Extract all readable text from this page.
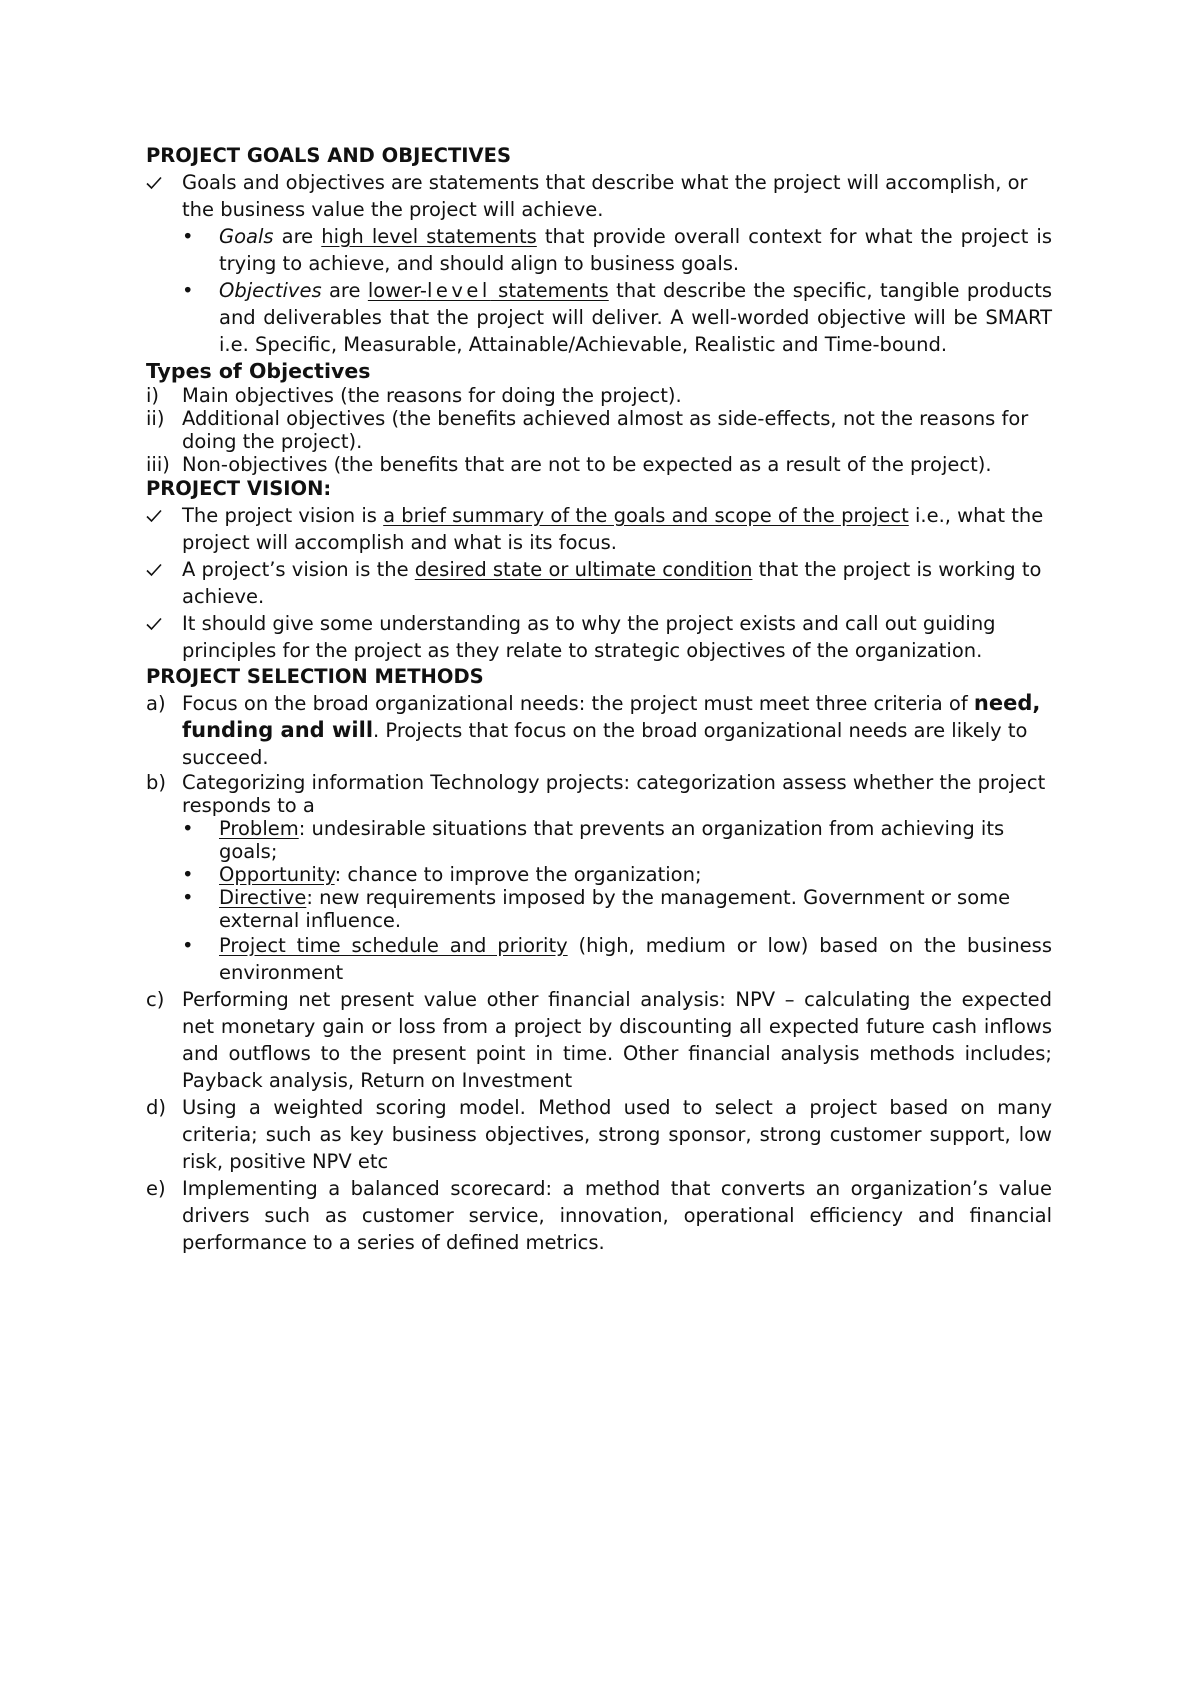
PROJECT GOALS AND OBJECTIVES

Goals and objectives are statements that describe what the project will accomplish, or the business value the project will achieve.
• Goals are high level statements that provide overall context for what the project is trying to achieve, and should align to business goals.
• Objectives are lower-level statements that describe the specific, tangible products and deliverables that the project will deliver. A well-worded objective will be SMART i.e. Specific, Measurable, Attainable/Achievable, Realistic and Time-bound.

Types of Objectives

i) Main objectives (the reasons for doing the project).
ii) Additional objectives (the benefits achieved almost as side-effects, not the reasons for doing the project).
iii) Non-objectives (the benefits that are not to be expected as a result of the project).

PROJECT VISION:

The project vision is a brief summary of the goals and scope of the project i.e., what the project will accomplish and what is its focus.
A project’s vision is the desired state or ultimate condition that the project is working to achieve.
It should give some understanding as to why the project exists and call out guiding principles for the project as they relate to strategic objectives of the organization.

PROJECT SELECTION METHODS

a) Focus on the broad organizational needs: the project must meet three criteria of need, funding and will. Projects that focus on the broad organizational needs are likely to succeed.
b) Categorizing information Technology projects: categorization assess whether the project responds to a
• Problem: undesirable situations that prevents an organization from achieving its goals;
• Opportunity: chance to improve the organization;
• Directive: new requirements imposed by the management. Government or some external influence.
• Project time schedule and priority (high, medium or low) based on the business environment
c) Performing net present value other financial analysis: NPV – calculating the expected net monetary gain or loss from a project by discounting all expected future cash inflows and outflows to the present point in time. Other financial analysis methods includes; Payback analysis, Return on Investment
d) Using a weighted scoring model. Method used to select a project based on many criteria; such as key business objectives, strong sponsor, strong customer support, low risk, positive NPV etc
e) Implementing a balanced scorecard: a method that converts an organization’s value drivers such as customer service, innovation, operational efficiency and financial performance to a series of defined metrics.
